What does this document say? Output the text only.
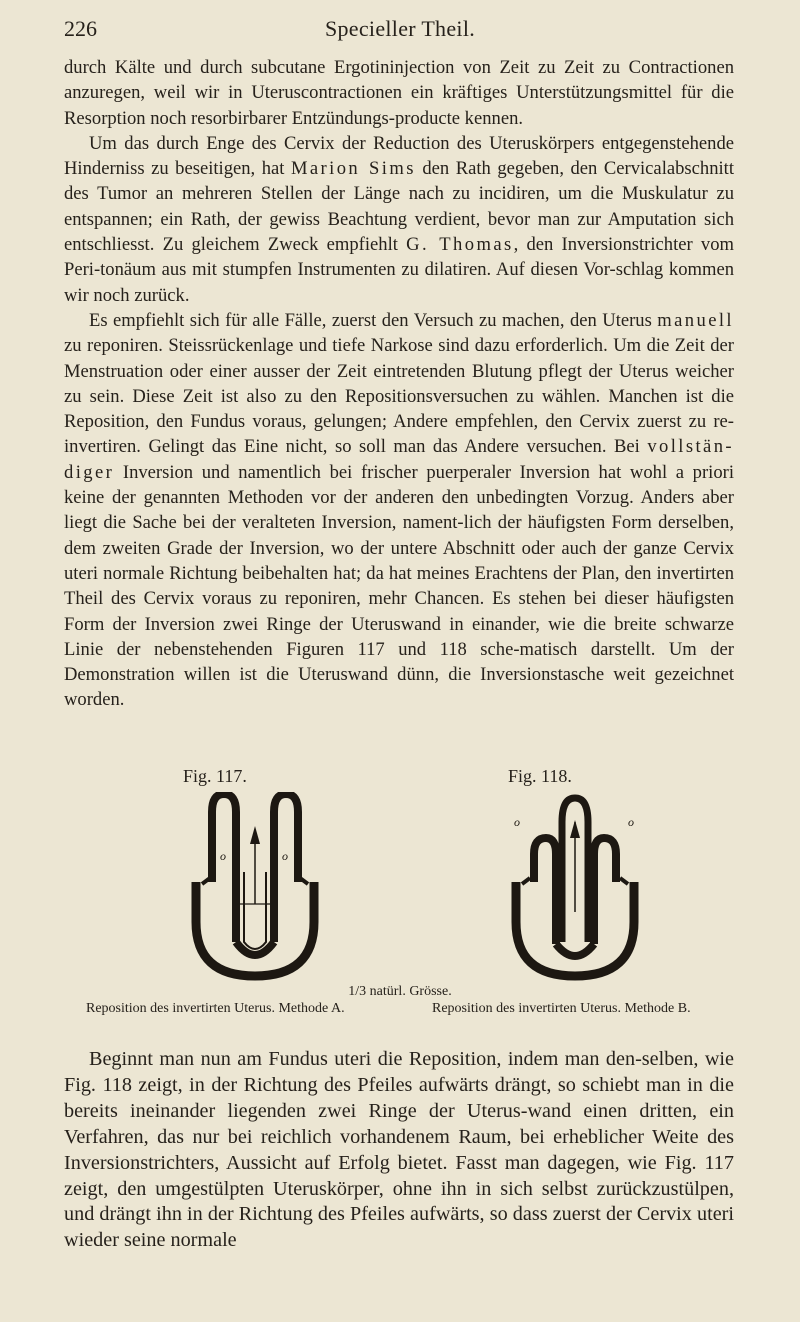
226	Specieller Theil.

durch Kälte und durch subcutane Ergotininjection von Zeit zu Zeit zu Contractionen anzuregen, weil wir in Uteruscontractionen ein kräftiges Unterstützungsmittel für die Resorption noch resorbirbarer Entzündungs-producte kennen.

Um das durch Enge des Cervix der Reduction des Uteruskörpers entgegenstehende Hinderniss zu beseitigen, hat Marion Sims den Rath gegeben, den Cervicalabschnitt des Tumor an mehreren Stellen der Länge nach zu incidiren, um die Muskulatur zu entspannen; ein Rath, der gewiss Beachtung verdient, bevor man zur Amputation sich entschliesst. Zu gleichem Zweck empfiehlt G. Thomas, den Inversionstrichter vom Peri-tonäum aus mit stumpfen Instrumenten zu dilatiren. Auf diesen Vor-schlag kommen wir noch zurück.

Es empfiehlt sich für alle Fälle, zuerst den Versuch zu machen, den Uterus manuell zu reponiren. Steissrückenlage und tiefe Narkose sind dazu erforderlich. Um die Zeit der Menstruation oder einer ausser der Zeit eintretenden Blutung pflegt der Uterus weicher zu sein. Diese Zeit ist also zu den Repositionsversuchen zu wählen. Manchen ist die Reposition, den Fundus voraus, gelungen; Andere empfehlen, den Cervix zuerst zu re-invertiren. Gelingt das Eine nicht, so soll man das Andere versuchen. Bei vollstän-diger Inversion und namentlich bei frischer puerperaler Inversion hat wohl a priori keine der genannten Methoden vor der anderen den unbedingten Vorzug. Anders aber liegt die Sache bei der veralteten Inversion, nament-lich der häufigsten Form derselben, dem zweiten Grade der Inversion, wo der untere Abschnitt oder auch der ganze Cervix uteri normale Richtung beibehalten hat; da hat meines Erachtens der Plan, den invertirten Theil des Cervix voraus zu reponiren, mehr Chancen. Es stehen bei dieser häufigsten Form der Inversion zwei Ringe der Uteruswand in einander, wie die breite schwarze Linie der nebenstehenden Figuren 117 und 118 sche-matisch darstellt. Um der Demonstration willen ist die Uteruswand dünn, die Inversionstasche weit gezeichnet worden.

Fig. 117.	Fig. 118.
o	o
o	o
1/3 natürl. Grösse.
Reposition des invertirten Uterus. Methode A.	Reposition des invertirten Uterus. Methode B.

Beginnt man nun am Fundus uteri die Reposition, indem man den-selben, wie Fig. 118 zeigt, in der Richtung des Pfeiles aufwärts drängt, so schiebt man in die bereits ineinander liegenden zwei Ringe der Uterus-wand einen dritten, ein Verfahren, das nur bei reichlich vorhandenem Raum, bei erheblicher Weite des Inversionstrichters, Aussicht auf Erfolg bietet. Fasst man dagegen, wie Fig. 117 zeigt, den umgestülpten Uteruskörper, ohne ihn in sich selbst zurückzustülpen, und drängt ihn in der Richtung des Pfeiles aufwärts, so dass zuerst der Cervix uteri wieder seine normale
